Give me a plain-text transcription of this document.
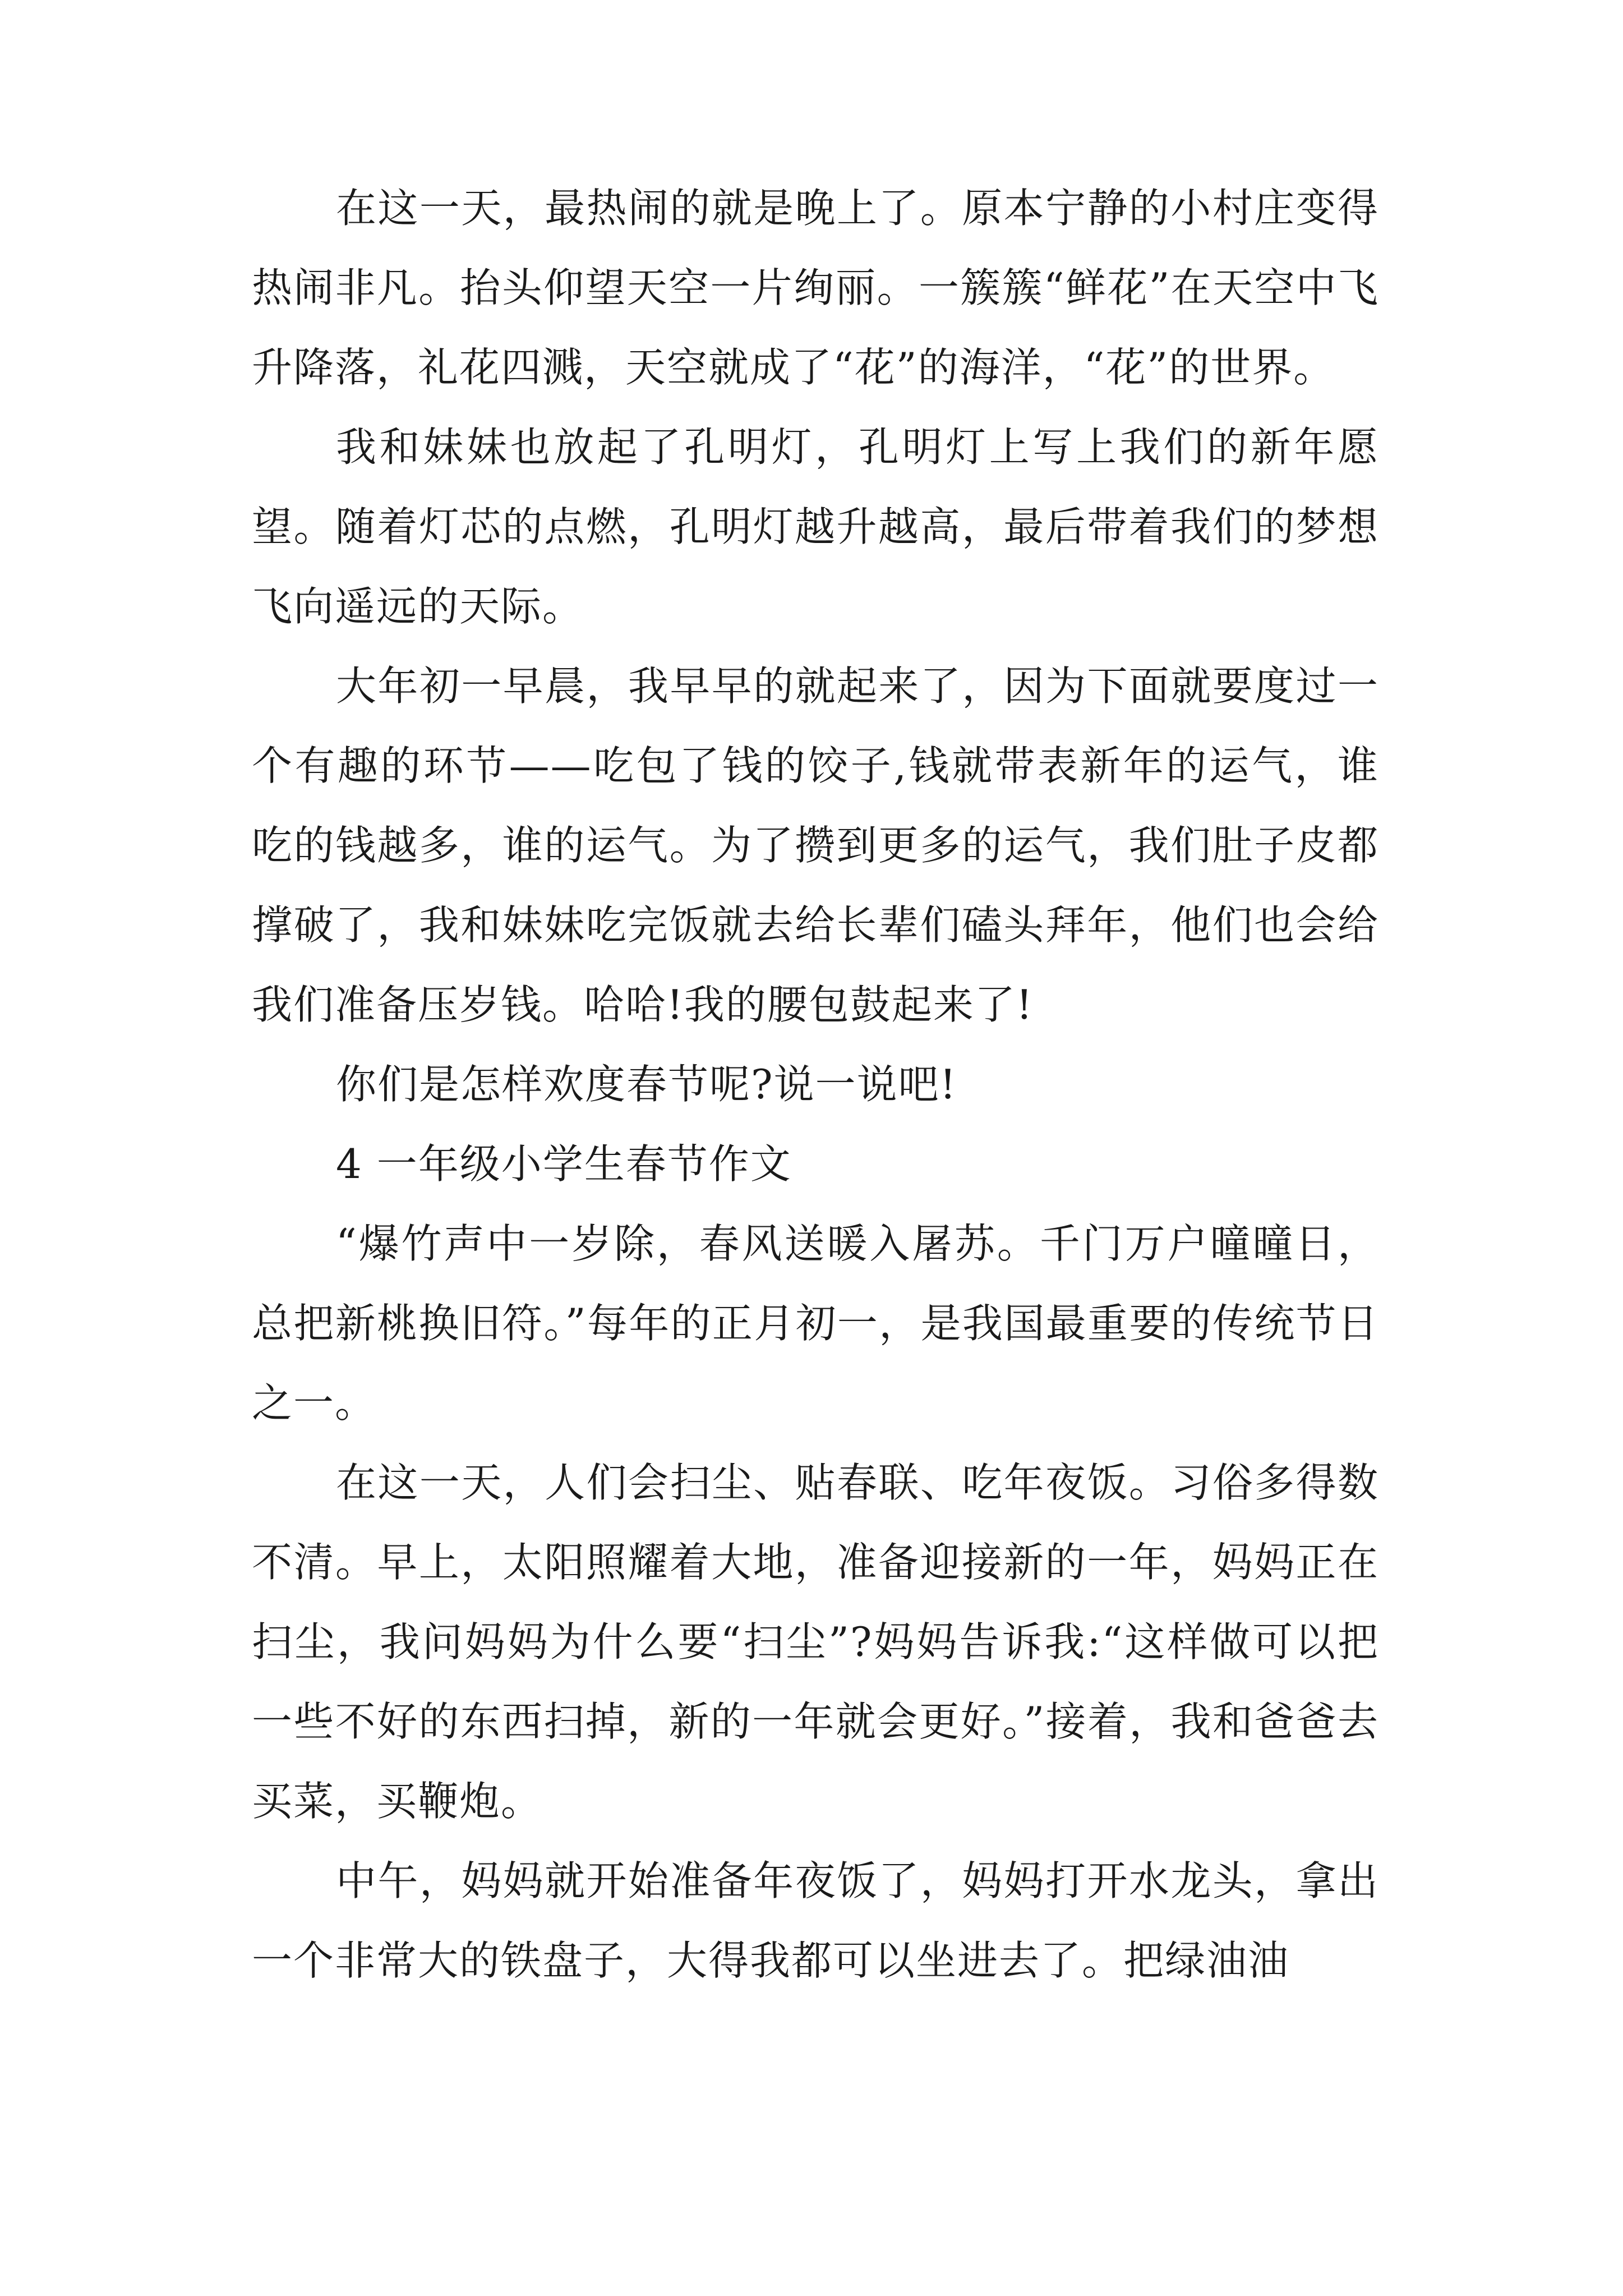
在这一天，最热闹的就是晚上了。原本宁静的小村庄变得热闹非凡。抬头仰望天空一片绚丽。一簇簇“鲜花”在天空中飞升降落，礼花四溅，天空就成了“花”的海洋，“花”的世界。

我和妹妹也放起了孔明灯，孔明灯上写上我们的新年愿望。随着灯芯的点燃，孔明灯越升越高，最后带着我们的梦想飞向遥远的天际。

大年初一早晨，我早早的就起来了，因为下面就要度过一个有趣的环节——吃包了钱的饺子,钱就带表新年的运气，谁吃的钱越多，谁的运气。为了攒到更多的运气，我们肚子皮都撑破了，我和妹妹吃完饭就去给长辈们磕头拜年，他们也会给我们准备压岁钱。哈哈!我的腰包鼓起来了!

你们是怎样欢度春节呢?说一说吧!

4 一年级小学生春节作文

“爆竹声中一岁除，春风送暖入屠苏。千门万户曈曈日，总把新桃换旧符。”每年的正月初一，是我国最重要的传统节日之一。

在这一天，人们会扫尘、贴春联、吃年夜饭。习俗多得数不清。早上，太阳照耀着大地，准备迎接新的一年，妈妈正在扫尘，我问妈妈为什么要“扫尘”?妈妈告诉我:“这样做可以把一些不好的东西扫掉，新的一年就会更好。”接着，我和爸爸去买菜，买鞭炮。

中午，妈妈就开始准备年夜饭了，妈妈打开水龙头，拿出一个非常大的铁盘子，大得我都可以坐进去了。把绿油油
